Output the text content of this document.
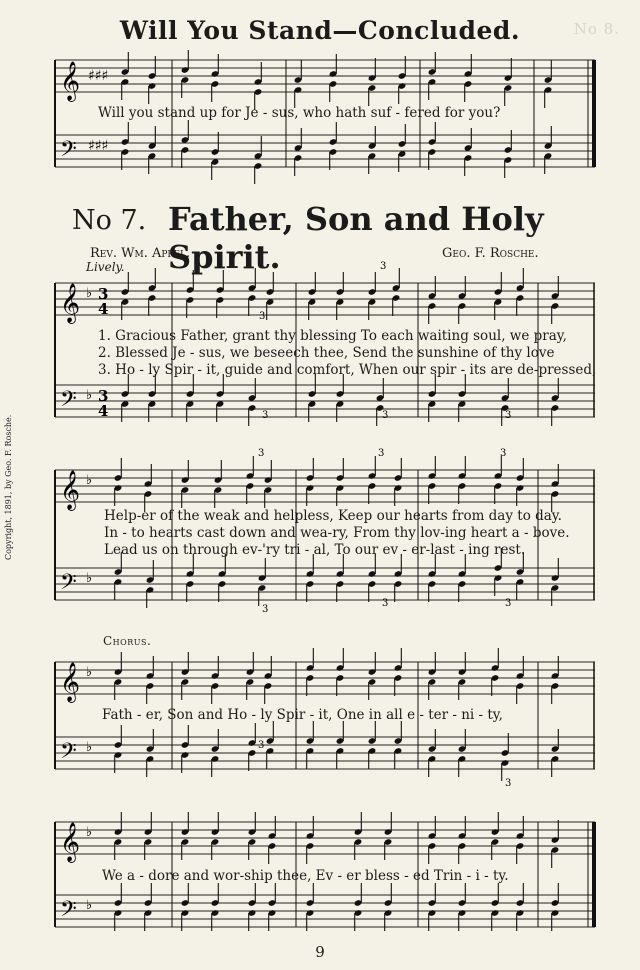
No 8.
Will You Stand—Concluded.
𝄞
𝄢
♯♯♯
♯♯♯
𝄞
𝄢
♭
♭
3
4
3
4
3
3
3	3	3
𝄞
𝄢
♭
♭
3	3	3
3
3	3
𝄞
𝄢
♭
♭	3
3
𝄞
𝄢
♭
♭
Will you stand up for Je - sus, who hath suf - fered for you?
No 7. Father, Son and Holy Spirit.
Rev. Wm. Appel.	Geo. F. Rosche.
Lively.
1. Gracious Father, grant thy blessing To each waiting soul, we pray,
2. Blessed Je - sus, we beseech thee, Send the sunshine of thy love
3. Ho - ly Spir - it, guide and comfort, When our spir - its are de-pressed,
Help-er of the weak and helpless, Keep our hearts from day to day.
In - to hearts cast down and wea-ry, From thy lov-ing heart a - bove.
Lead us on through ev-'ry tri - al, To our ev - er-last - ing rest.
Chorus.
Fath - er, Son and Ho - ly Spir - it, One in all e - ter - ni - ty,
We a - dore and wor-ship thee, Ev - er bless - ed Trin - i - ty.
Copyright, 1891, by Geo. F. Rosche.
9
